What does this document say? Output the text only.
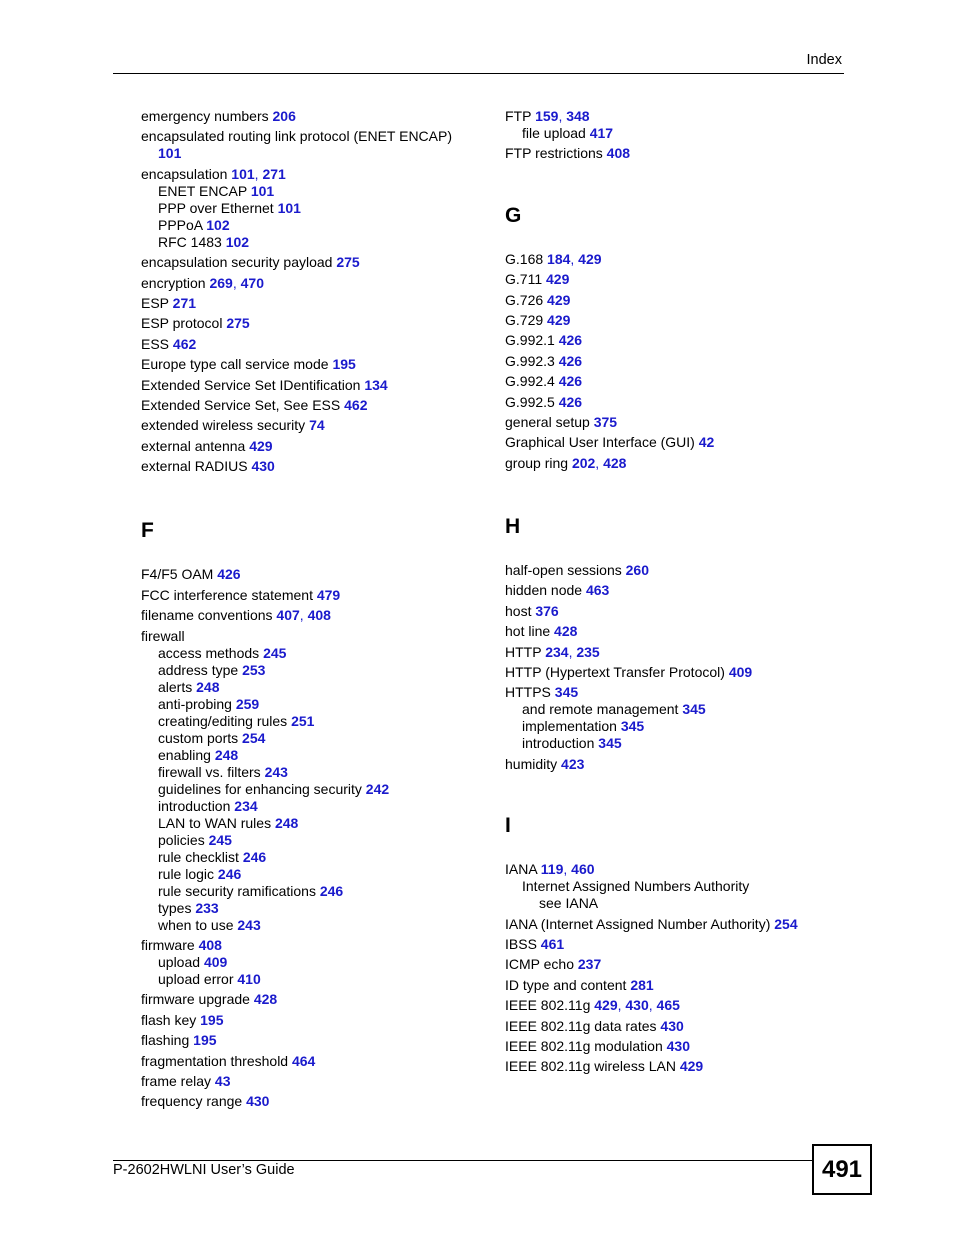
Index
emergency numbers 206
encapsulated routing link protocol (ENET ENCAP)
101
encapsulation 101, 271
ENET ENCAP 101
PPP over Ethernet 101
PPPoA 102
RFC 1483 102
encapsulation security payload 275
encryption 269, 470
ESP 271
ESP protocol 275
ESS 462
Europe type call service mode 195
Extended Service Set IDentification 134
Extended Service Set, See ESS 462
extended wireless security 74
external antenna 429
external RADIUS 430
F
F4/F5 OAM 426
FCC interference statement 479
filename conventions 407, 408
firewall
access methods 245
address type 253
alerts 248
anti-probing 259
creating/editing rules 251
custom ports 254
enabling 248
firewall vs. filters 243
guidelines for enhancing security 242
introduction 234
LAN to WAN rules 248
policies 245
rule checklist 246
rule logic 246
rule security ramifications 246
types 233
when to use 243
firmware 408
upload 409
upload error 410
firmware upgrade 428
flash key 195
flashing 195
fragmentation threshold 464
frame relay 43
frequency range 430
FTP 159, 348
file upload 417
FTP restrictions 408
G
G.168 184, 429
G.711 429
G.726 429
G.729 429
G.992.1 426
G.992.3 426
G.992.4 426
G.992.5 426
general setup 375
Graphical User Interface (GUI) 42
group ring 202, 428
H
half-open sessions 260
hidden node 463
host 376
hot line 428
HTTP 234, 235
HTTP (Hypertext Transfer Protocol) 409
HTTPS 345
and remote management 345
implementation 345
introduction 345
humidity 423
I
IANA 119, 460
Internet Assigned Numbers Authority
see IANA
IANA (Internet Assigned Number Authority) 254
IBSS 461
ICMP echo 237
ID type and content 281
IEEE 802.11g 429, 430, 465
IEEE 802.11g data rates 430
IEEE 802.11g modulation 430
IEEE 802.11g wireless LAN 429
P-2602HWLNI User’s Guide	491
